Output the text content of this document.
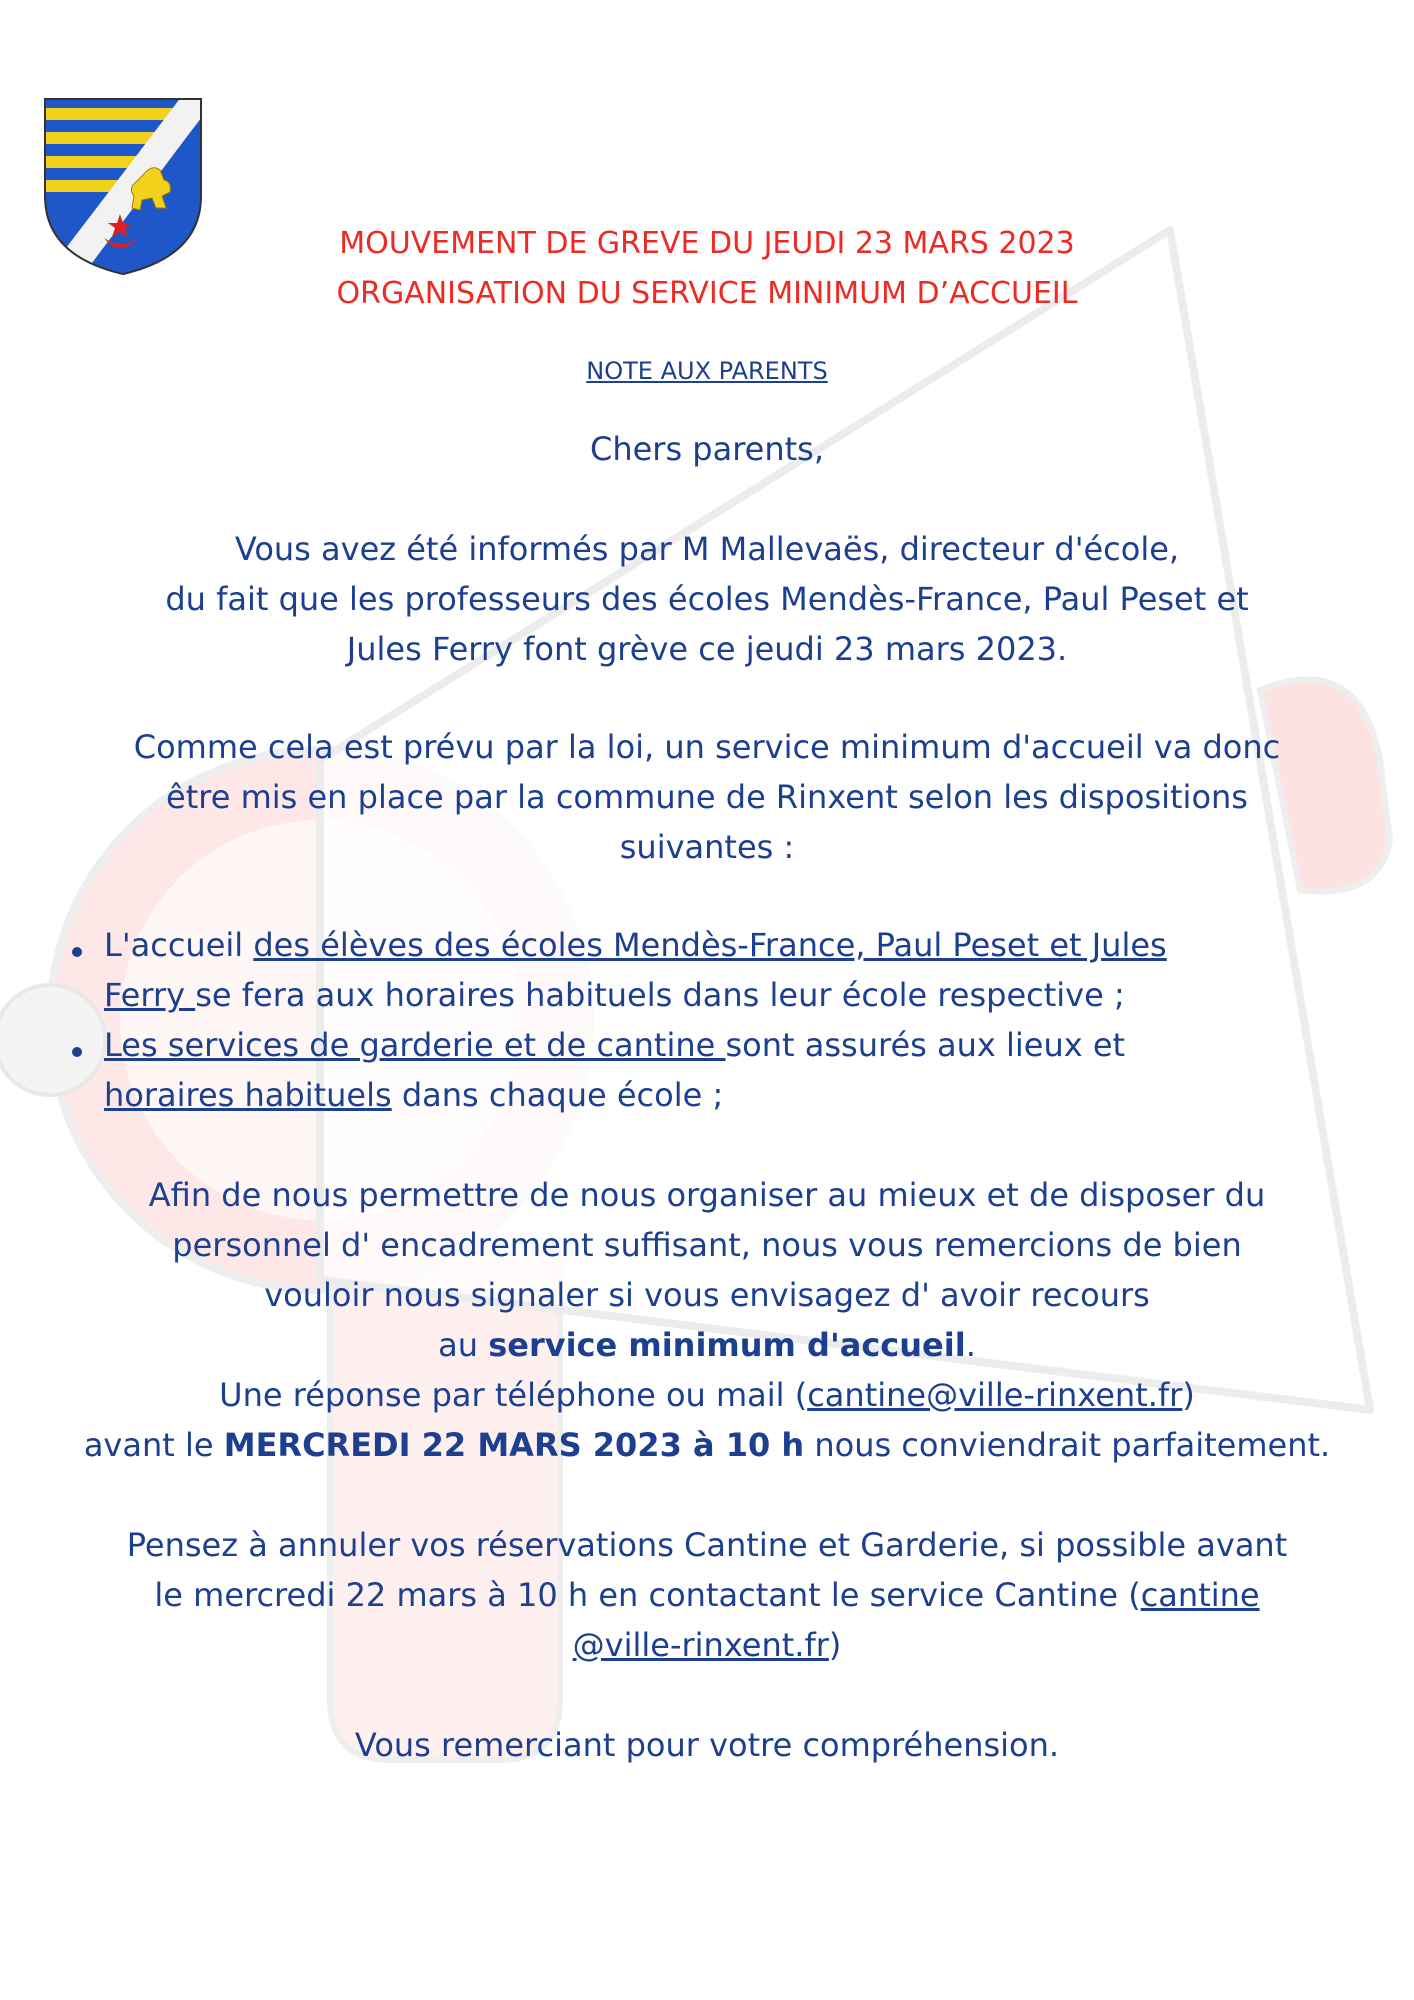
MOUVEMENT DE GREVE DU JEUDI 23 MARS 2023
ORGANISATION DU SERVICE MINIMUM D’ACCUEIL
NOTE AUX PARENTS
Chers parents,
Vous avez été informés par M Mallevaës, directeur d'école,
du fait que les professeurs des écoles Mendès-France, Paul Peset et
Jules Ferry font grève ce jeudi 23 mars 2023.
Comme cela est prévu par la loi, un service minimum d'accueil va donc
être mis en place par la commune de Rinxent selon les dispositions
suivantes :
L'accueil des élèves des écoles Mendès-France, Paul Peset et Jules
Ferry se fera aux horaires habituels dans leur école respective ;
Les services de garderie et de cantine sont assurés aux lieux et
horaires habituels dans chaque école ;
Afin de nous permettre de nous organiser au mieux et de disposer du
personnel d' encadrement suffisant, nous vous remercions de bien
vouloir nous signaler si vous envisagez d' avoir recours
au service minimum d'accueil.
Une réponse par téléphone ou mail (cantine@ville-rinxent.fr)
avant le MERCREDI 22 MARS 2023 à 10 h nous conviendrait parfaitement.
Pensez à annuler vos réservations Cantine et Garderie, si possible avant
le mercredi 22 mars à 10 h en contactant le service Cantine (cantine
@ville-rinxent.fr)
Vous remerciant pour votre compréhension.
